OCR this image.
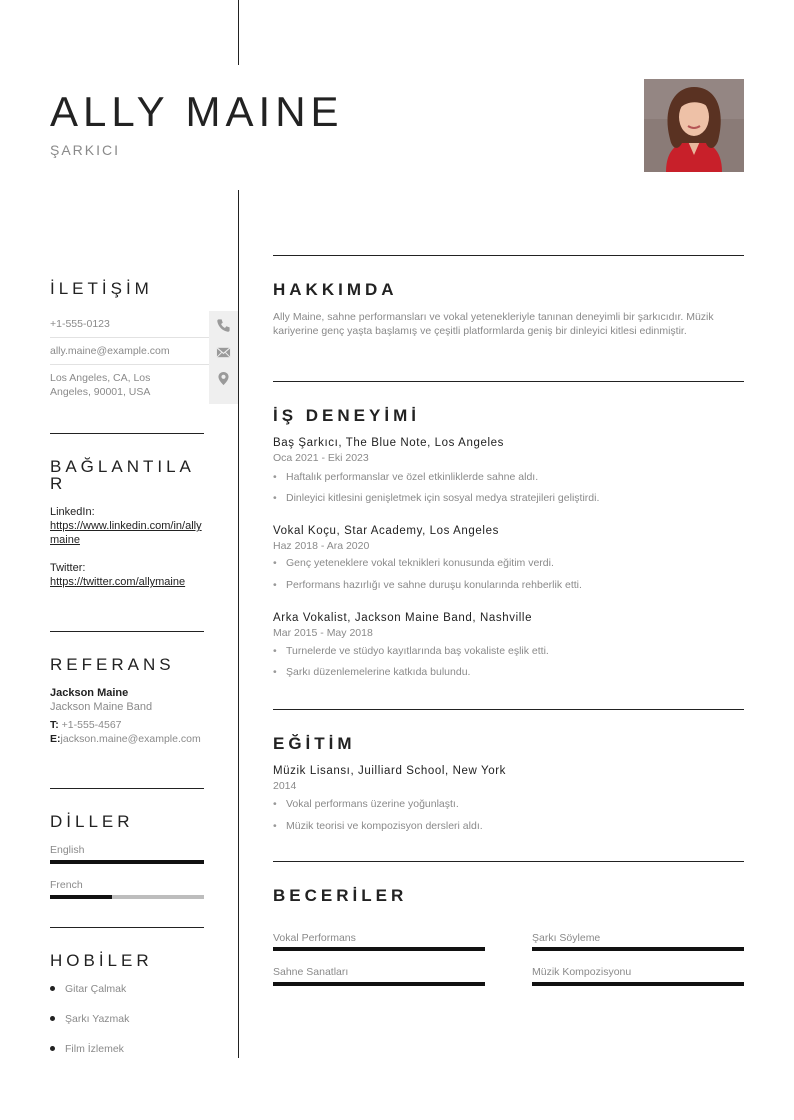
ALLY MAINE
ŞARKICI
İLETİŞİM
+1-555-0123
ally.maine@example.com
Los Angeles, CA, Los Angeles, 90001, USA
BAĞLANTILA
R
LinkedIn:
https://www.linkedin.com/in/allymaine
Twitter:
https://twitter.com/allymaine
REFERANS
Jackson Maine
Jackson Maine Band
T: +1-555-4567
E:jackson.maine@example.com
DİLLER
English
French
HOBİLER
Gitar Çalmak
Şarkı Yazmak
Film İzlemek
HAKKIMDA

Ally Maine, sahne performansları ve vokal yetenekleriyle tanınan deneyimli bir şarkıcıdır. Müzik kariyerine genç yaşta başlamış ve çeşitli platformlarda geniş bir dinleyici kitlesi edinmiştir.

İŞ DENEYİMİ
Baş Şarkıcı, The Blue Note, Los Angeles
Oca 2021 - Eki 2023
• Haftalık performanslar ve özel etkinliklerde sahne aldı.
• Dinleyici kitlesini genişletmek için sosyal medya stratejileri geliştirdi.
Vokal Koçu, Star Academy, Los Angeles
Haz 2018 - Ara 2020
• Genç yeteneklere vokal teknikleri konusunda eğitim verdi.
• Performans hazırlığı ve sahne duruşu konularında rehberlik etti.
Arka Vokalist, Jackson Maine Band, Nashville
Mar 2015 - May 2018
• Turnelerde ve stüdyo kayıtlarında baş vokaliste eşlik etti.
• Şarkı düzenlemelerine katkıda bulundu.
EĞİTİM
Müzik Lisansı, Juilliard School, New York
2014
• Vokal performans üzerine yoğunlaştı.
• Müzik teorisi ve kompozisyon dersleri aldı.
BECERİLER
Vokal Performans	Şarkı Söyleme
Sahne Sanatları	Müzik Kompozisyonu
